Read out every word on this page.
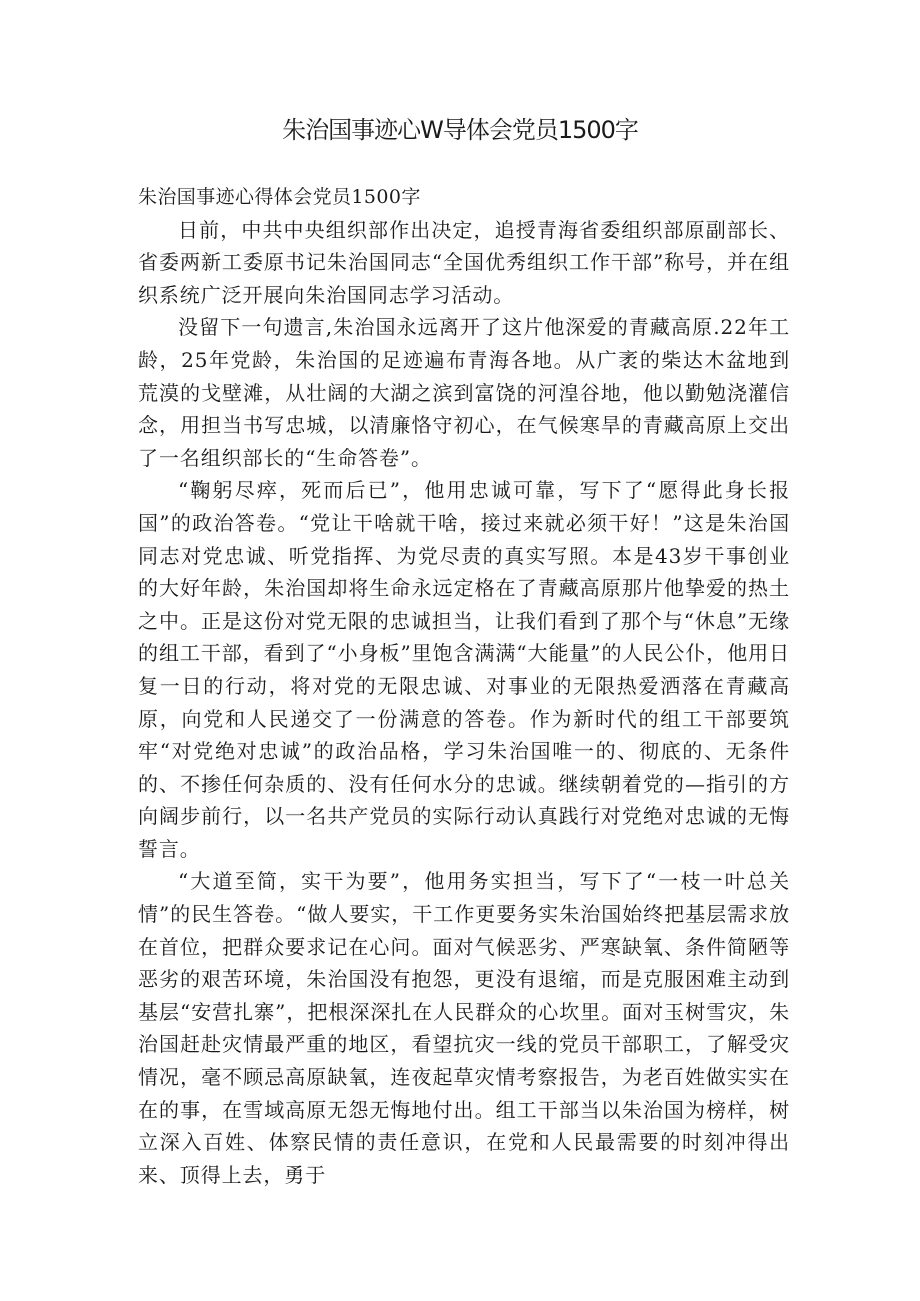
朱治国事迹心W导体会党员1500字

朱治国事迹心得体会党员1500字

日前，中共中央组织部作出决定，追授青海省委组织部原副部长、省委两新工委原书记朱治国同志“全国优秀组织工作干部”称号，并在组织系统广泛开展向朱治国同志学习活动。

没留下一句遗言,朱治国永远离开了这片他深爱的青藏高原.22年工龄，25年党龄，朱治国的足迹遍布青海各地。从广袤的柴达木盆地到荒漠的戈壁滩，从壮阔的大湖之滨到富饶的河湟谷地，他以勤勉浇灌信念，用担当书写忠城，以清廉恪守初心，在气候寒旱的青藏高原上交出了一名组织部长的“生命答卷”。

“鞠躬尽瘁，死而后已”，他用忠诚可靠，写下了“愿得此身长报国”的政治答卷。“党让干啥就干啥，接过来就必须干好！”这是朱治国同志对党忠诚、听党指挥、为党尽责的真实写照。本是43岁干事创业的大好年龄，朱治国却将生命永远定格在了青藏高原那片他挚爱的热土之中。正是这份对党无限的忠诚担当，让我们看到了那个与“休息”无缘的组工干部，看到了“小身板”里饱含满满“大能量”的人民公仆，他用日复一日的行动，将对党的无限忠诚、对事业的无限热爱洒落在青藏高原，向党和人民递交了一份满意的答卷。作为新时代的组工干部要筑牢“对党绝对忠诚”的政治品格，学习朱治国唯一的、彻底的、无条件的、不掺任何杂质的、没有任何水分的忠诚。继续朝着党的—指引的方向阔步前行，以一名共产党员的实际行动认真践行对党绝对忠诚的无悔誓言。

“大道至简，实干为要”，他用务实担当，写下了“一枝一叶总关情”的民生答卷。“做人要实，干工作更要务实朱治国始终把基层需求放在首位，把群众要求记在心问。面对气候恶劣、严寒缺氧、条件简陋等恶劣的艰苦环境，朱治国没有抱怨，更没有退缩，而是克服困难主动到基层“安营扎寨”，把根深深扎在人民群众的心坎里。面对玉树雪灾，朱治国赶赴灾情最严重的地区，看望抗灾一线的党员干部职工，了解受灾情况，毫不顾忌高原缺氧，连夜起草灾情考察报告，为老百姓做实实在在的事，在雪域高原无怨无悔地付出。组工干部当以朱治国为榜样，树立深入百姓、体察民情的责任意识，在党和人民最需要的时刻冲得出来、顶得上去，勇于
